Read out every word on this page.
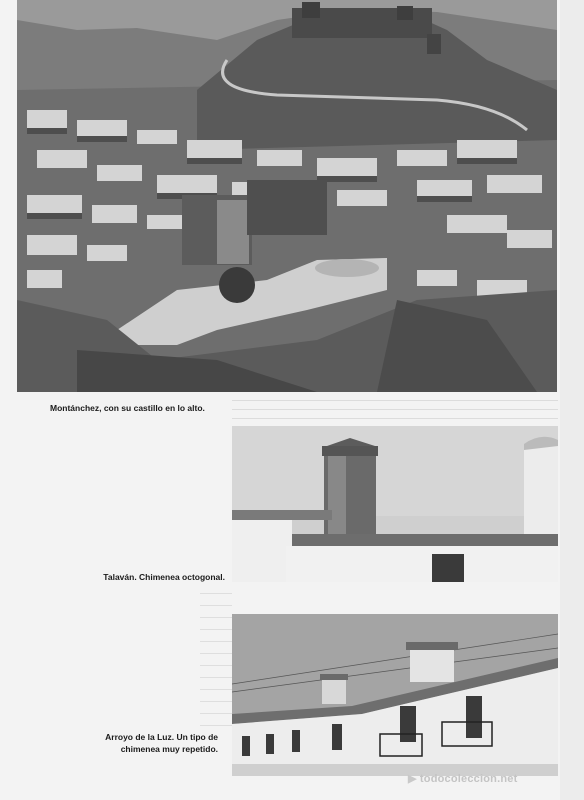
Montánchez, con su castillo en lo alto.
Talaván. Chimenea octogonal.
Arroyo de la Luz. Un tipo de chimenea muy repetido.
▶ todocoleccion.net
